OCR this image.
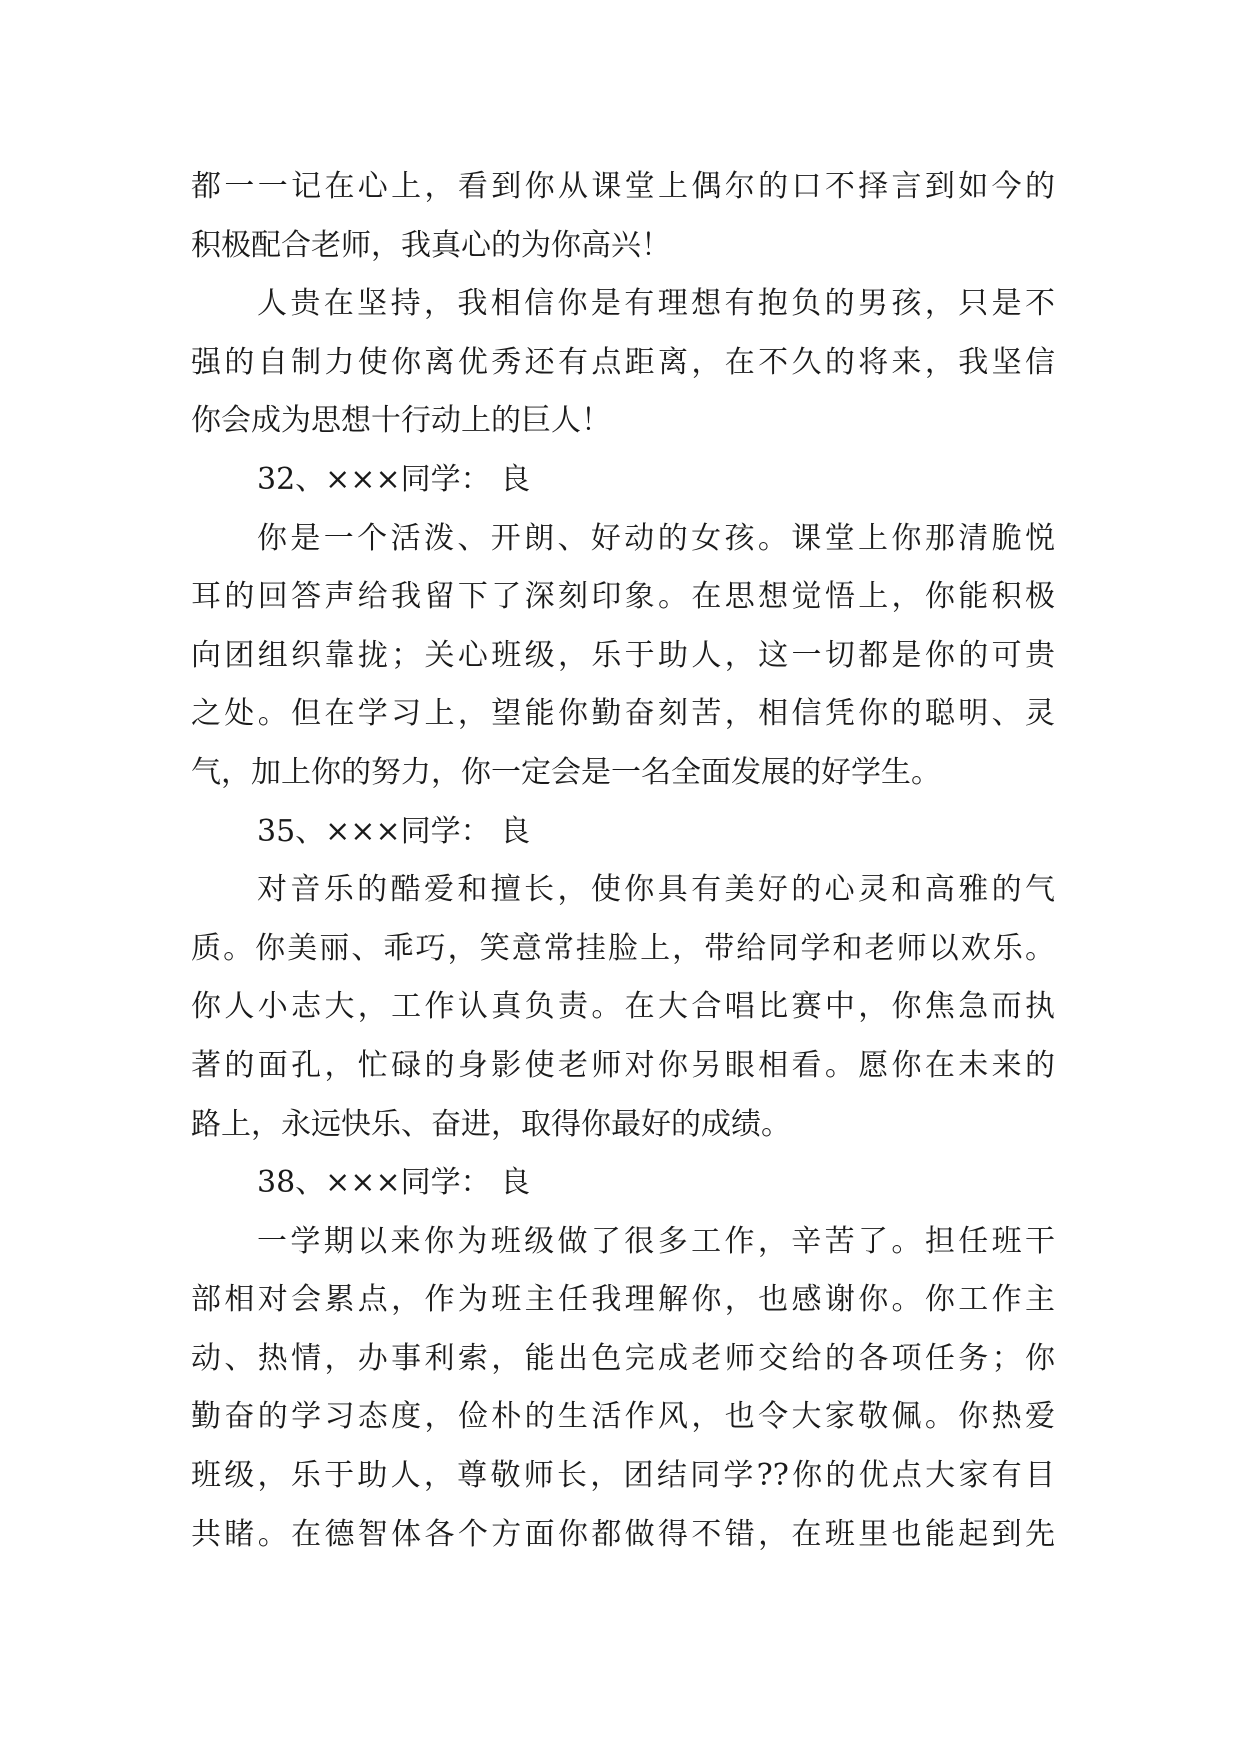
都一一记在心上，看到你从课堂上偶尔的口不择言到如今的
积极配合老师，我真心的为你高兴！
人贵在坚持，我相信你是有理想有抱负的男孩，只是不
强的自制力使你离优秀还有点距离，在不久的将来，我坚信
你会成为思想十行动上的巨人！
32、×××同学： 良
你是一个活泼、开朗、好动的女孩。课堂上你那清脆悦
耳的回答声给我留下了深刻印象。在思想觉悟上，你能积极
向团组织靠拢；关心班级，乐于助人，这一切都是你的可贵
之处。但在学习上，望能你勤奋刻苦，相信凭你的聪明、灵
气，加上你的努力，你一定会是一名全面发展的好学生。
35、×××同学： 良
对音乐的酷爱和擅长，使你具有美好的心灵和高雅的气
质。你美丽、乖巧，笑意常挂脸上，带给同学和老师以欢乐。
你人小志大，工作认真负责。在大合唱比赛中，你焦急而执
著的面孔，忙碌的身影使老师对你另眼相看。愿你在未来的
路上，永远快乐、奋进，取得你最好的成绩。
38、×××同学： 良
一学期以来你为班级做了很多工作，辛苦了。担任班干
部相对会累点，作为班主任我理解你，也感谢你。你工作主
动、热情，办事利索，能出色完成老师交给的各项任务；你
勤奋的学习态度，俭朴的生活作风，也令大家敬佩。你热爱
班级，乐于助人，尊敬师长，团结同学??你的优点大家有目
共睹。在德智体各个方面你都做得不错，在班里也能起到先
